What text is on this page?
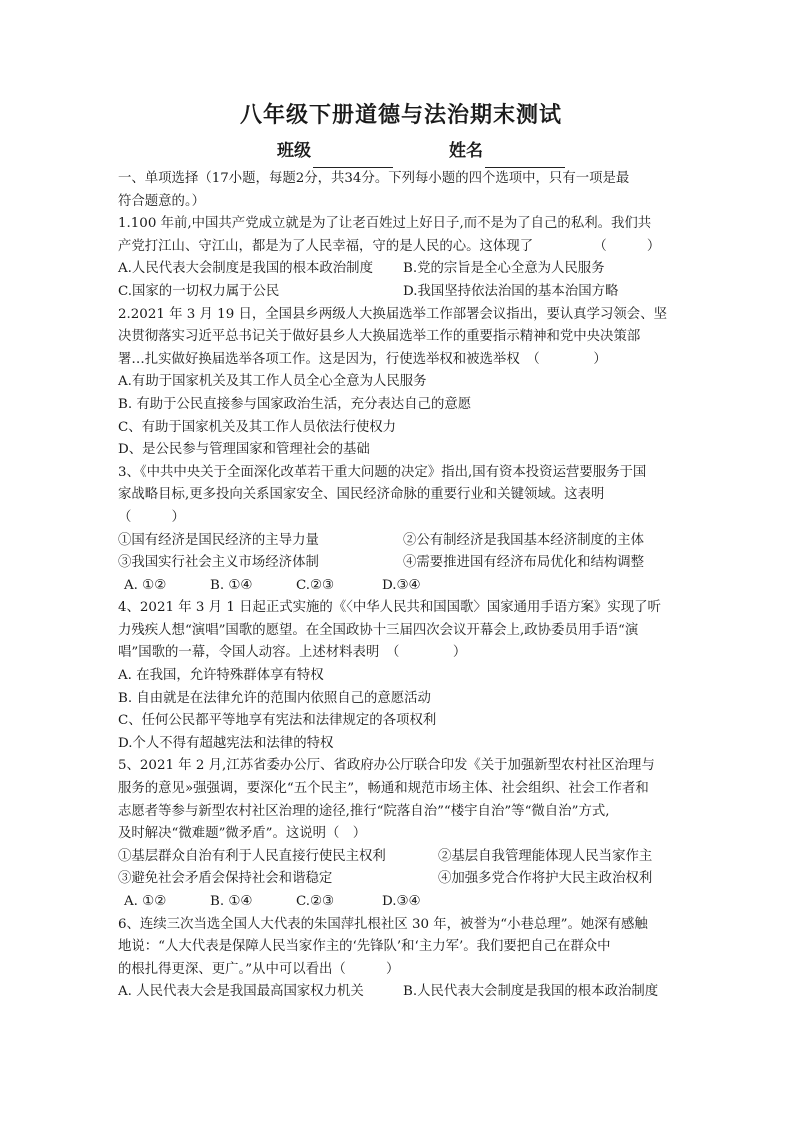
八年级下册道德与法治期末测试
班级	姓名
一、单项选择（17小题，每题2分，共34分。下列每小题的四个选项中，只有一项是最
符合题意的。）
1.100 年前,中国共产党成立就是为了让老百姓过上好日子,而不是为了自己的私利。我们共
产党打江山、守江山，都是为了人民幸福，守的是人民的心。这体现了　　　　　（　　　）
A.人民代表大会制度是我国的根本政治制度	B.党的宗旨是全心全意为人民服务
C.国家的一切权力属于公民	D.我国坚持依法治国的基本治国方略
2.2021 年 3 月 19 日，全国县乡两级人大换届选举工作部署会议指出，要认真学习领会、坚
决贯彻落实习近平总书记关于做好县乡人大换届选举工作的重要指示精神和党中央决策部
署…扎实做好换届选举各项工作。这是因为，行使选举权和被选举权　（　　　　）
A.有助于国家机关及其工作人员全心全意为人民服务
B. 有助于公民直接参与国家政治生活，充分表达自己的意愿
C、有助于国家机关及其工作人员依法行使权力
D、是公民参与管理国家和管理社会的基础
3、《中共中央关于全面深化改革若干重大问题的决定》指出,国有资本投资运营要服务于国
家战略目标,更多投向关系国家安全、国民经济命脉的重要行业和关键领域。这表明
（　　　）
①国有经济是国民经济的主导力量	②公有制经济是我国基本经济制度的主体
③我国实行社会主义市场经济体制	④需要推进国有经济布局优化和结构调整
A. ①②	B. ①④	C.②③	D.③④
4、2021 年 3 月 1 日起正式实施的《〈中华人民共和国国歌〉国家通用手语方案》实现了听
力残疾人想“演唱”国歌的愿望。在全国政协十三届四次会议开幕会上,政协委员用手语“演
唱”国歌的一幕，令国人动容。上述材料表明　（　　　　）
A. 在我国，允许特殊群体享有特权
B. 自由就是在法律允许的范围内依照自己的意愿活动
C、任何公民都平等地享有宪法和法律规定的各项权利
D.个人不得有超越宪法和法律的特权
5、2021 年 2 月,江苏省委办公厅、省政府办公厅联合印发《关于加强新型农村社区治理与
服务的意见»强强调，要深化“五个民主”，畅通和规范市场主体、社会组织、社会工作者和
志愿者等参与新型农村社区治理的途径,推行“院落自治”“楼宇自治”等“微自治”方式,
及时解决“微难题”微矛盾”。这说明（　）
①基层群众自治有利于人民直接行使民主权利	②基层自我管理能体现人民当家作主
③避免社会矛盾会保持社会和谐稳定	④加强多党合作将护大民主政治权利
A. ①②	B. ①④	C.②③	D.③④
6、连续三次当选全国人大代表的朱国萍扎根社区 30 年，被誉为“小巷总理”。她深有感触
地说：“人大代表是保障人民当家作主的‘先锋队’和‘主力军’。我们要把自己在群众中
的根扎得更深、更广。”从中可以看出（　　　）
A. 人民代表大会是我国最高国家权力机关	B.人民代表大会制度是我国的根本政治制度
